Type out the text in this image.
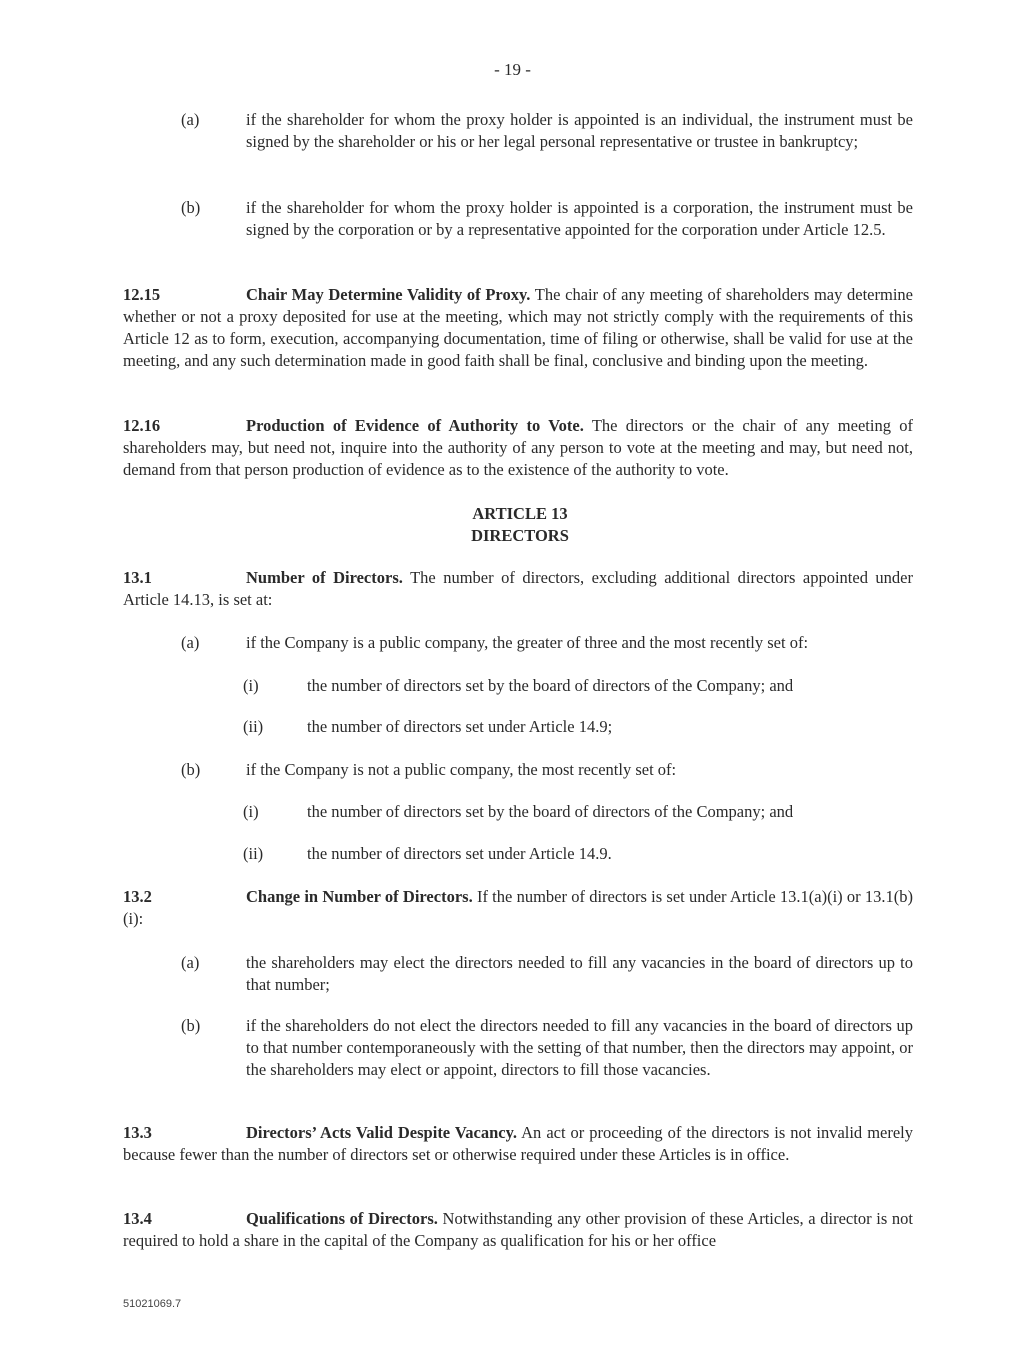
- 19 -
(a)	if the shareholder for whom the proxy holder is appointed is an individual, the instrument must be signed by the shareholder or his or her legal personal representative or trustee in bankruptcy;
(b)	if the shareholder for whom the proxy holder is appointed is a corporation, the instrument must be signed by the corporation or by a representative appointed for the corporation under Article 12.5.
12.15	Chair May Determine Validity of Proxy. The chair of any meeting of shareholders may determine whether or not a proxy deposited for use at the meeting, which may not strictly comply with the requirements of this Article 12 as to form, execution, accompanying documentation, time of filing or otherwise, shall be valid for use at the meeting, and any such determination made in good faith shall be final, conclusive and binding upon the meeting.
12.16	Production of Evidence of Authority to Vote. The directors or the chair of any meeting of shareholders may, but need not, inquire into the authority of any person to vote at the meeting and may, but need not, demand from that person production of evidence as to the existence of the authority to vote.
ARTICLE 13
DIRECTORS
13.1	Number of Directors. The number of directors, excluding additional directors appointed under Article 14.13, is set at:
(a)	if the Company is a public company, the greater of three and the most recently set of:
(i)	the number of directors set by the board of directors of the Company; and
(ii)	the number of directors set under Article 14.9;
(b)	if the Company is not a public company, the most recently set of:
(i)	the number of directors set by the board of directors of the Company; and
(ii)	the number of directors set under Article 14.9.
13.2	Change in Number of Directors. If the number of directors is set under Article 13.1(a)(i) or 13.1(b)(i):
(a)	the shareholders may elect the directors needed to fill any vacancies in the board of directors up to that number;
(b)	if the shareholders do not elect the directors needed to fill any vacancies in the board of directors up to that number contemporaneously with the setting of that number, then the directors may appoint, or the shareholders may elect or appoint, directors to fill those vacancies.
13.3	Directors’ Acts Valid Despite Vacancy. An act or proceeding of the directors is not invalid merely because fewer than the number of directors set or otherwise required under these Articles is in office.
13.4	Qualifications of Directors. Notwithstanding any other provision of these Articles, a director is not required to hold a share in the capital of the Company as qualification for his or her office
51021069.7
